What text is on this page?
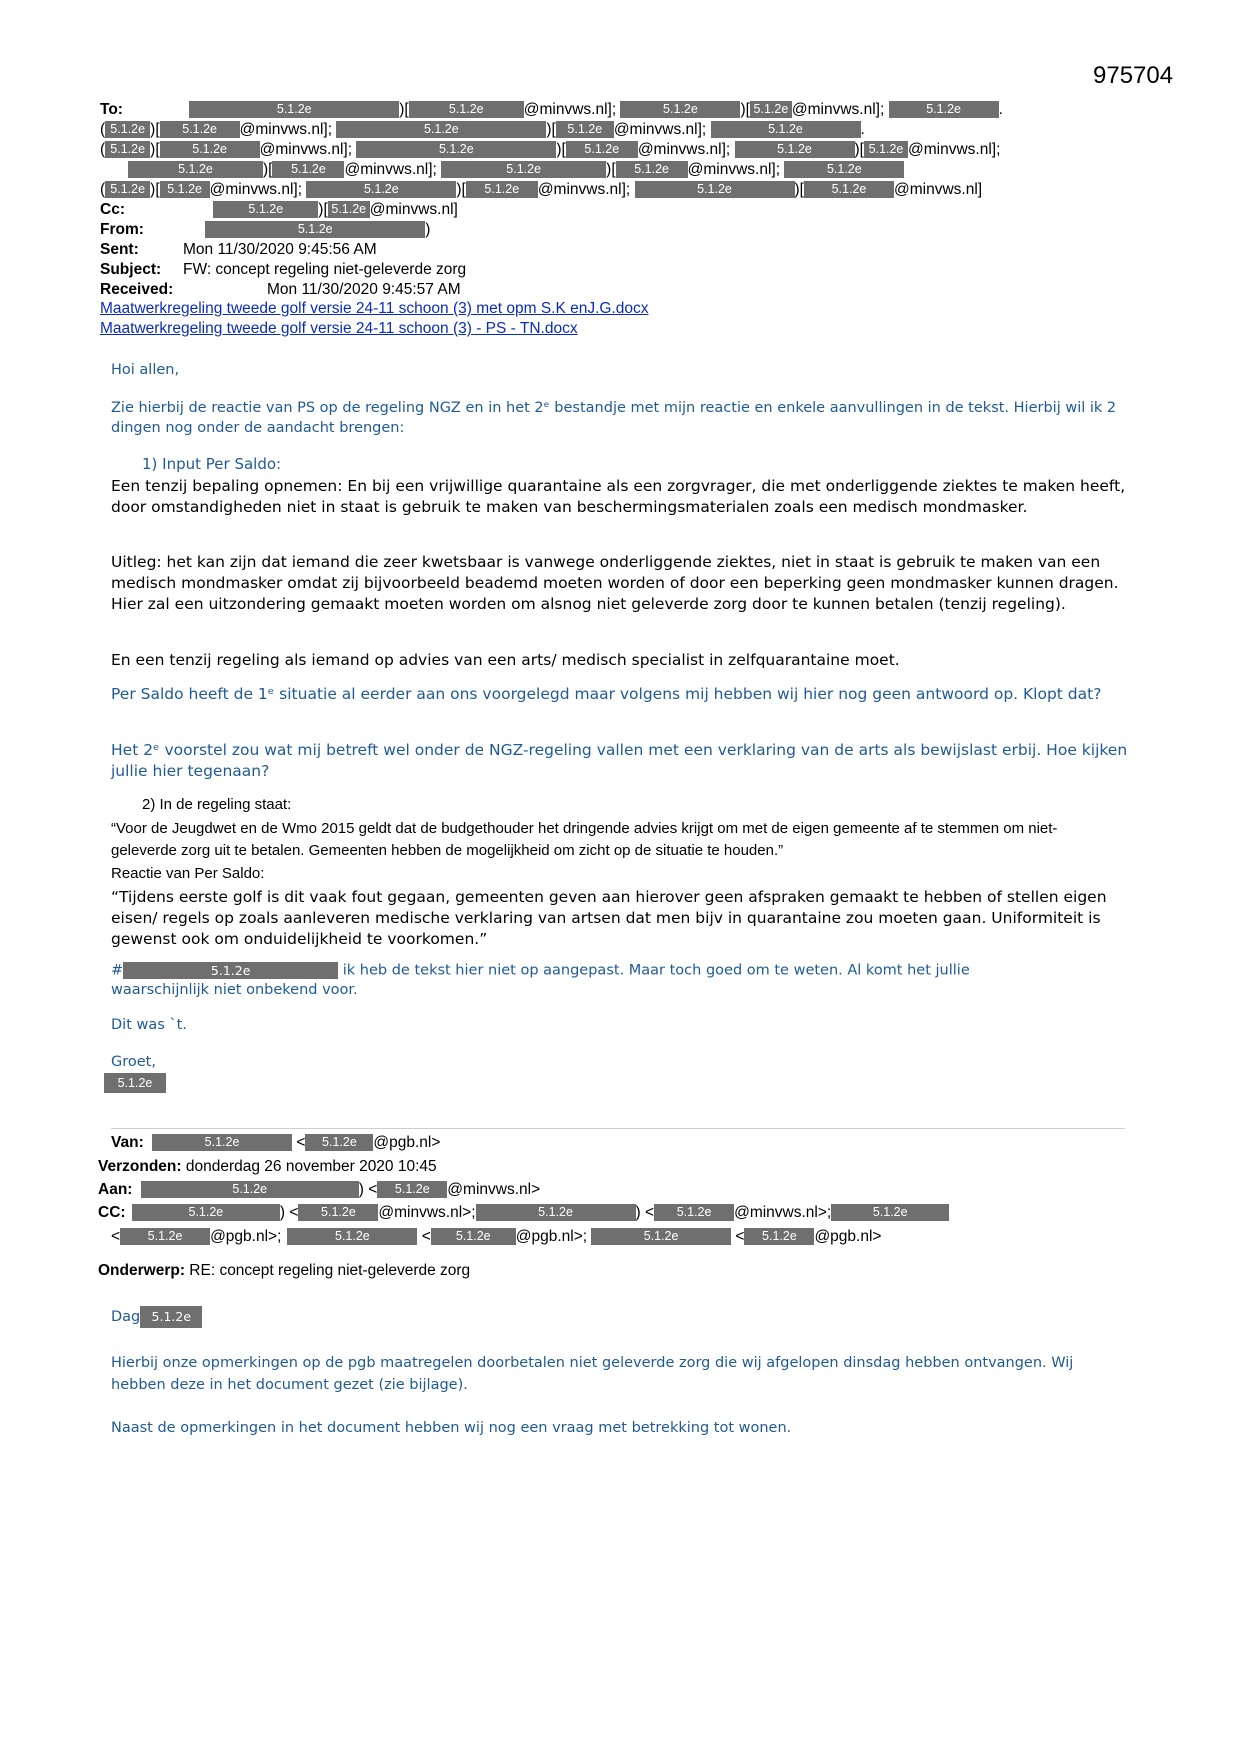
975704
To:	5.1.2e	)[	5.1.2e	@minvws.nl];	5.1.2e	)[ 5.1.2e @minvws.nl];	5.1.2e .
( 5.1.2e )[ 5.1.2e @minvws.nl];	5.1.2e	)[ 5.1.2e @minvws.nl];	5.1.2e	.
( 5.1.2e )[	5.1.2e @minvws.nl];	5.1.2e	)[ 5.1.2e @minvws.nl];	5.1.2e	)[ 5.1.2e @minvws.nl];
5.1.2e	)[ 5.1.2e @minvws.nl];	5.1.2e	)[ 5.1.2e @minvws.nl];	5.1.2e
( 5.1.2e )[ 5.1.2e @minvws.nl];	5.1.2e	)[ 5.1.2e @minvws.nl];	5.1.2e	)[ 5.1.2e @minvws.nl]
Cc:	5.1.2e )[ 5.1.2e @minvws.nl]
From:	5.1.2e	)
Sent:	Mon 11/30/2020 9:45:56 AM
Subject: FW: concept regeling niet-geleverde zorg
Received:	Mon 11/30/2020 9:45:57 AM
Maatwerkregeling tweede golf versie 24-11 schoon (3) met opm S.K enJ.G.docx
Maatwerkregeling tweede golf versie 24-11 schoon (3) - PS - TN.docx
Hoi allen,
Zie hierbij de reactie van PS op de regeling NGZ en in het 2ᵉ bestandje met mijn reactie en enkele aanvullingen in de tekst. Hierbij wil ik 2 dingen nog onder de aandacht brengen:
1) Input Per Saldo:
Een tenzij bepaling opnemen: En bij een vrijwillige quarantaine als een zorgvrager, die met onderliggende ziektes te maken heeft, door omstandigheden niet in staat is gebruik te maken van beschermingsmaterialen zoals een medisch mondmasker.
Uitleg: het kan zijn dat iemand die zeer kwetsbaar is vanwege onderliggende ziektes, niet in staat is gebruik te maken van een medisch mondmasker omdat zij bijvoorbeeld beademd moeten worden of door een beperking geen mondmasker kunnen dragen. Hier zal een uitzondering gemaakt moeten worden om alsnog niet geleverde zorg door te kunnen betalen (tenzij regeling).
En een tenzij regeling als iemand op advies van een arts/ medisch specialist in zelfquarantaine moet.
Per Saldo heeft de 1ᵉ situatie al eerder aan ons voorgelegd maar volgens mij hebben wij hier nog geen antwoord op. Klopt dat?
Het 2ᵉ voorstel zou wat mij betreft wel onder de NGZ-regeling vallen met een verklaring van de arts als bewijslast erbij. Hoe kijken jullie hier tegenaan?
2) In de regeling staat:
“Voor de Jeugdwet en de Wmo 2015 geldt dat de budgethouder het dringende advies krijgt om met de eigen gemeente af te stemmen om niet-geleverde zorg uit te betalen. Gemeenten hebben de mogelijkheid om zicht op de situatie te houden.”
Reactie van Per Saldo:
“Tijdens eerste golf is dit vaak fout gegaan, gemeenten geven aan hierover geen afspraken gemaakt te hebben of stellen eigen eisen/ regels op zoals aanleveren medische verklaring van artsen dat men bijv in quarantaine zou moeten gaan. Uniformiteit is gewenst ook om onduidelijkheid te voorkomen.”
#	5.1.2e	ik heb de tekst hier niet op aangepast. Maar toch goed om te weten. Al komt het jullie
waarschijnlijk niet onbekend voor.
Dit was `t.
Groet,
5.1.2e
Van:	5.1.2e	< 5.1.2e @pgb.nl>
Verzonden: donderdag 26 november 2020 10:45
Aan:	5.1.2e	) < 5.1.2e @minvws.nl>
CC:	5.1.2e	) < 5.1.2e @minvws.nl>;	5.1.2e	) < 5.1.2e @minvws.nl>;	5.1.2e
< 5.1.2e @pgb.nl>;	5.1.2e	< 5.1.2e @pgb.nl>;	5.1.2e	< 5.1.2e @pgb.nl>
Onderwerp: RE: concept regeling niet-geleverde zorg
Dag 5.1.2e
Hierbij onze opmerkingen op de pgb maatregelen doorbetalen niet geleverde zorg die wij afgelopen dinsdag hebben ontvangen. Wij hebben deze in het document gezet (zie bijlage).
Naast de opmerkingen in het document hebben wij nog een vraag met betrekking tot wonen.
